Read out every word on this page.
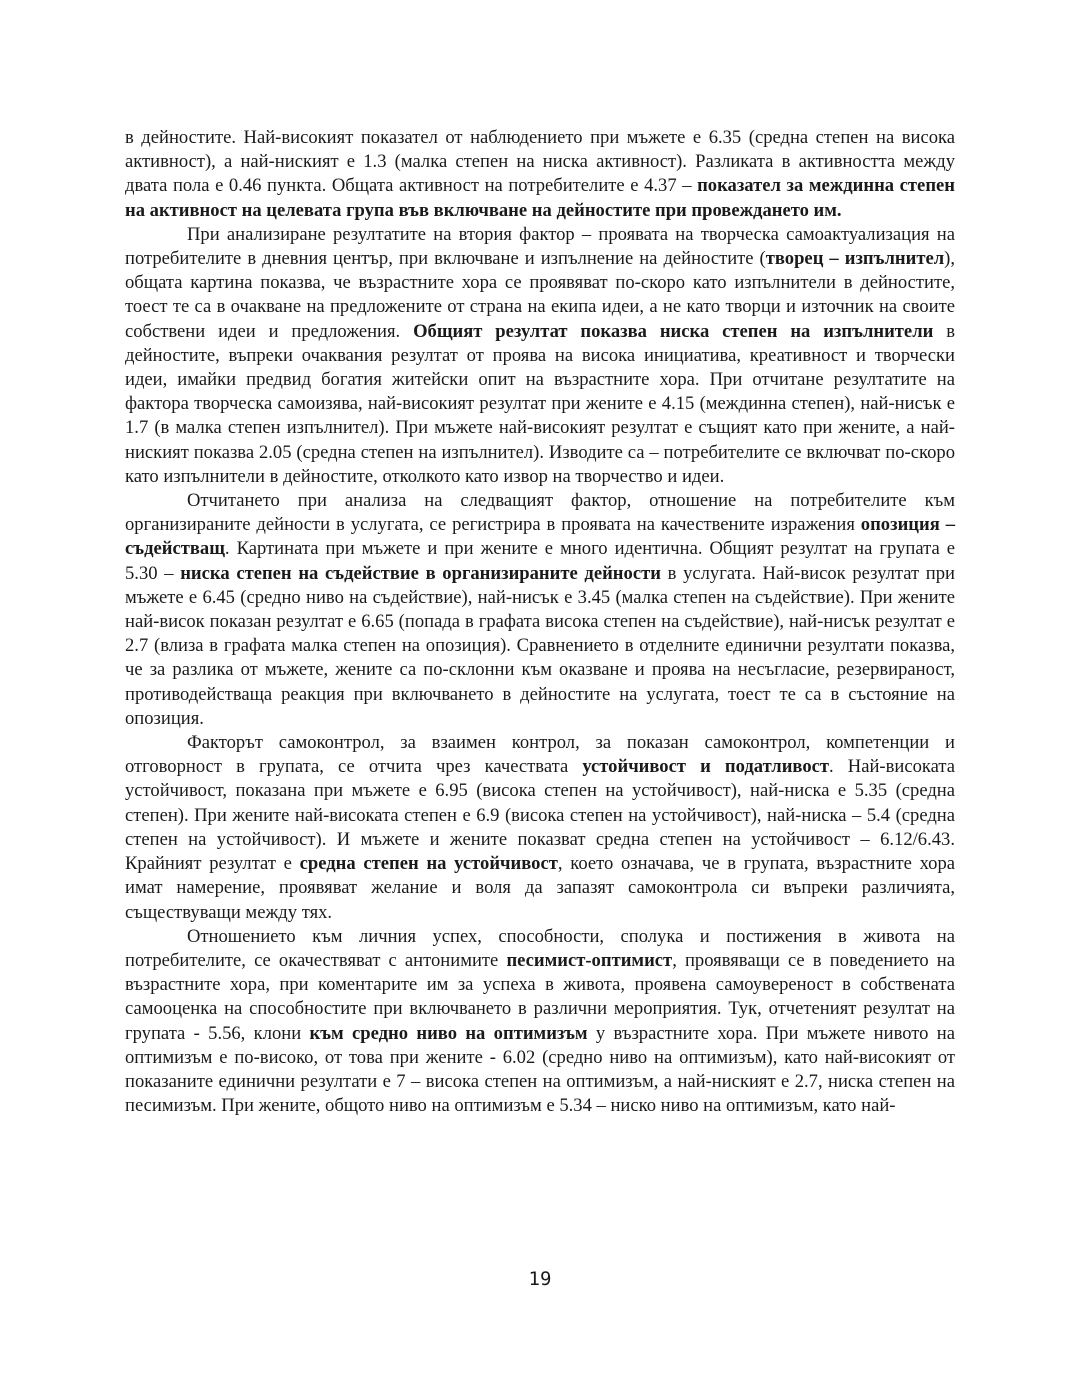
в дейностите. Най-високият показател от наблюдението при мъжете е 6.35 (средна степен на висока активност), а най-ниският е 1.3 (малка степен на ниска активност). Разликата в активността между двата пола е 0.46 пункта. Общата активност на потребителите е 4.37 – показател за междинна степен на активност на целевата група във включване на дейностите при провеждането им.

При анализиране резултатите на втория фактор – проявата на творческа самоактуализация на потребителите в дневния център, при включване и изпълнение на дейностите (творец – изпълнител), общата картина показва, че възрастните хора се проявяват по-скоро като изпълнители в дейностите, тоест те са в очакване на предложените от страна на екипа идеи, а не като творци и източник на своите собствени идеи и предложения. Общият резултат показва ниска степен на изпълнители в дейностите, въпреки очаквания резултат от проява на висока инициатива, креативност и творчески идеи, имайки предвид богатия житейски опит на възрастните хора. При отчитане резултатите на фактора творческа самоизява, най-високият резултат при жените е 4.15 (междинна степен), най-нисък е 1.7 (в малка степен изпълнител). При мъжете най-високият резултат е същият като при жените, а най-ниският показва 2.05 (средна степен на изпълнител). Изводите са – потребителите се включват по-скоро като изпълнители в дейностите, отколкото като извор на творчество и идеи.

Отчитането при анализа на следващият фактор, отношение на потребителите към организираните дейности в услугата, се регистрира в проявата на качествените изражения опозиция – съдействащ. Картината при мъжете и при жените е много идентична. Общият резултат на групата е 5.30 – ниска степен на съдействие в организираните дейности в услугата. Най-висок резултат при мъжете е 6.45 (средно ниво на съдействие), най-нисък е 3.45 (малка степен на съдействие). При жените най-висок показан резултат е 6.65 (попада в графата висока степен на съдействие), най-нисък резултат е 2.7 (влиза в графата малка степен на опозиция). Сравнението в отделните единични резултати показва, че за разлика от мъжете, жените са по-склонни към оказване и проява на несъгласие, резервираност, противодействаща реакция при включването в дейностите на услугата, тоест те са в състояние на опозиция.

Факторът самоконтрол, за взаимен контрол, за показан самоконтрол, компетенции и отговорност в групата, се отчита чрез качествата устойчивост и податливост. Най-високата устойчивост, показана при мъжете е 6.95 (висока степен на устойчивост), най-ниска е 5.35 (средна степен). При жените най-високата степен е 6.9 (висока степен на устойчивост), най-ниска – 5.4 (средна степен на устойчивост). И мъжете и жените показват средна степен на устойчивост – 6.12/6.43. Крайният резултат е средна степен на устойчивост, което означава, че в групата, възрастните хора имат намерение, проявяват желание и воля да запазят самоконтрола си въпреки различията, съществуващи между тях.

Отношението към личния успех, способности, сполука и постижения в живота на потребителите, се окачествяват с антонимите песимист-оптимист, проявяващи се в поведението на възрастните хора, при коментарите им за успеха в живота, проявена самоувереност в собствената самооценка на способностите при включването в различни мероприятия. Тук, отчетеният резултат на групата - 5.56, клони към средно ниво на оптимизъм у възрастните хора. При мъжете нивото на оптимизъм е по-високо, от това при жените - 6.02 (средно ниво на оптимизъм), като най-високият от показаните единични резултати е 7 – висока степен на оптимизъм, а най-ниският е 2.7, ниска степен на песимизъм. При жените, общото ниво на оптимизъм е 5.34 – ниско ниво на оптимизъм, като най-

19
